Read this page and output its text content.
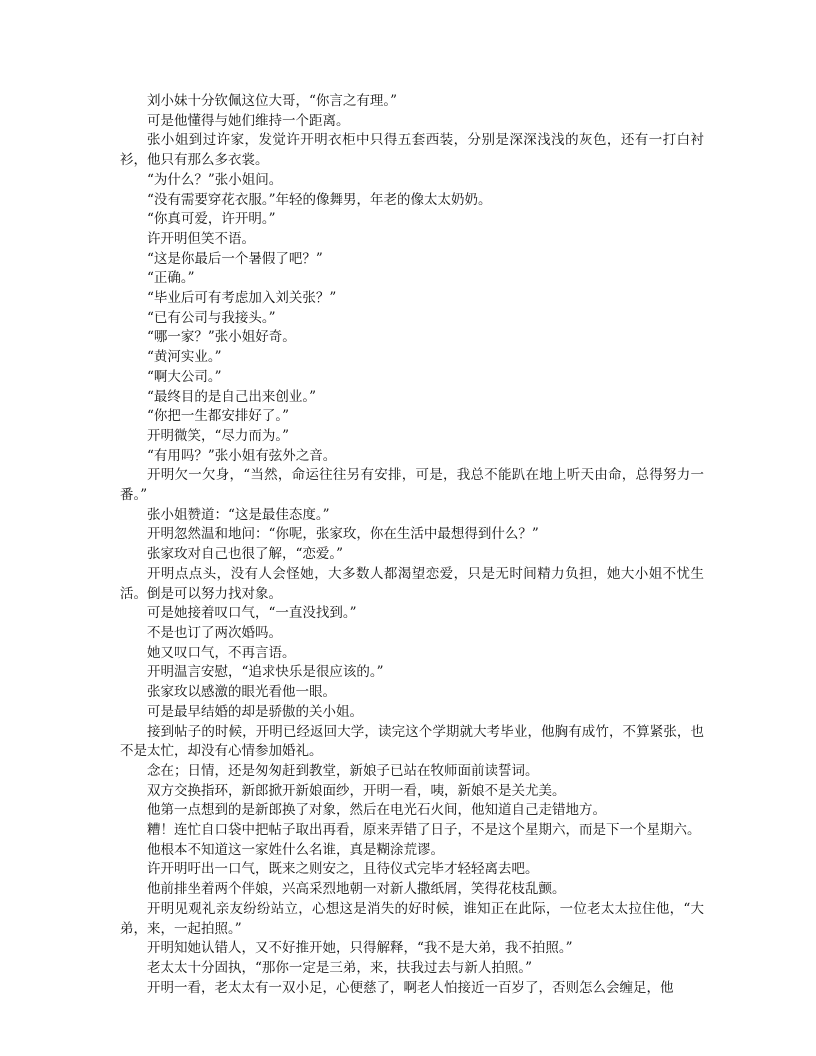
刘小妹十分钦佩这位大哥，“你言之有理。”

可是他懂得与她们维持一个距离。

张小姐到过许家，发觉许开明衣柜中只得五套西装，分别是深深浅浅的灰色，还有一打白衬衫，他只有那么多衣裳。

“为什么？”张小姐问。

“没有需要穿花衣服。”年轻的像舞男，年老的像太太奶奶。

“你真可爱，许开明。”

许开明但笑不语。

“这是你最后一个暑假了吧？”

“正确。”

“毕业后可有考虑加入刘关张？”

“已有公司与我接头。”

“哪一家？”张小姐好奇。

“黄河实业。”

“啊大公司。”

“最终目的是自己出来创业。”

“你把一生都安排好了。”

开明微笑，“尽力而为。”

“有用吗？”张小姐有弦外之音。

开明欠一欠身，“当然，命运往往另有安排，可是，我总不能趴在地上听天由命，总得努力一番。”

张小姐赞道：“这是最佳态度。”

开明忽然温和地问：“你呢，张家玫，你在生活中最想得到什么？”

张家玫对自己也很了解，“恋爱。”

开明点点头，没有人会怪她，大多数人都渴望恋爱，只是无时间精力负担，她大小姐不忧生活。倒是可以努力找对象。

可是她接着叹口气，“一直没找到。”

不是也订了两次婚吗。

她又叹口气，不再言语。

开明温言安慰，“追求快乐是很应该的。”

张家玫以感激的眼光看他一眼。

可是最早结婚的却是骄傲的关小姐。

接到帖子的时候，开明已经返回大学，读完这个学期就大考毕业，他胸有成竹，不算紧张，也不是太忙，却没有心情参加婚礼。

念在；日情，还是匆匆赶到教堂，新娘子已站在牧师面前读誓词。

双方交换指环，新郎掀开新娘面纱，开明一看，咦，新娘不是关尤美。

他第一点想到的是新郎换了对象，然后在电光石火间，他知道自己走错地方。

糟！连忙自口袋中把帖子取出再看，原来弄错了日子，不是这个星期六，而是下一个星期六。

他根本不知道这一家姓什么名谁，真是糊涂荒谬。

许开明吁出一口气，既来之则安之，且待仪式完毕才轻轻离去吧。

他前排坐着两个伴娘，兴高采烈地朝一对新人撒纸屑，笑得花枝乱颤。

开明见观礼亲友纷纷站立，心想这是消失的好时候，谁知正在此际，一位老太太拉住他，“大弟，来，一起拍照。”

开明知她认错人，又不好推开她，只得解释，“我不是大弟，我不拍照。”

老太太十分固执，“那你一定是三弟，来，扶我过去与新人拍照。”

开明一看，老太太有一双小足，心便慈了，啊老人怕接近一百岁了，否则怎么会缠足，他
